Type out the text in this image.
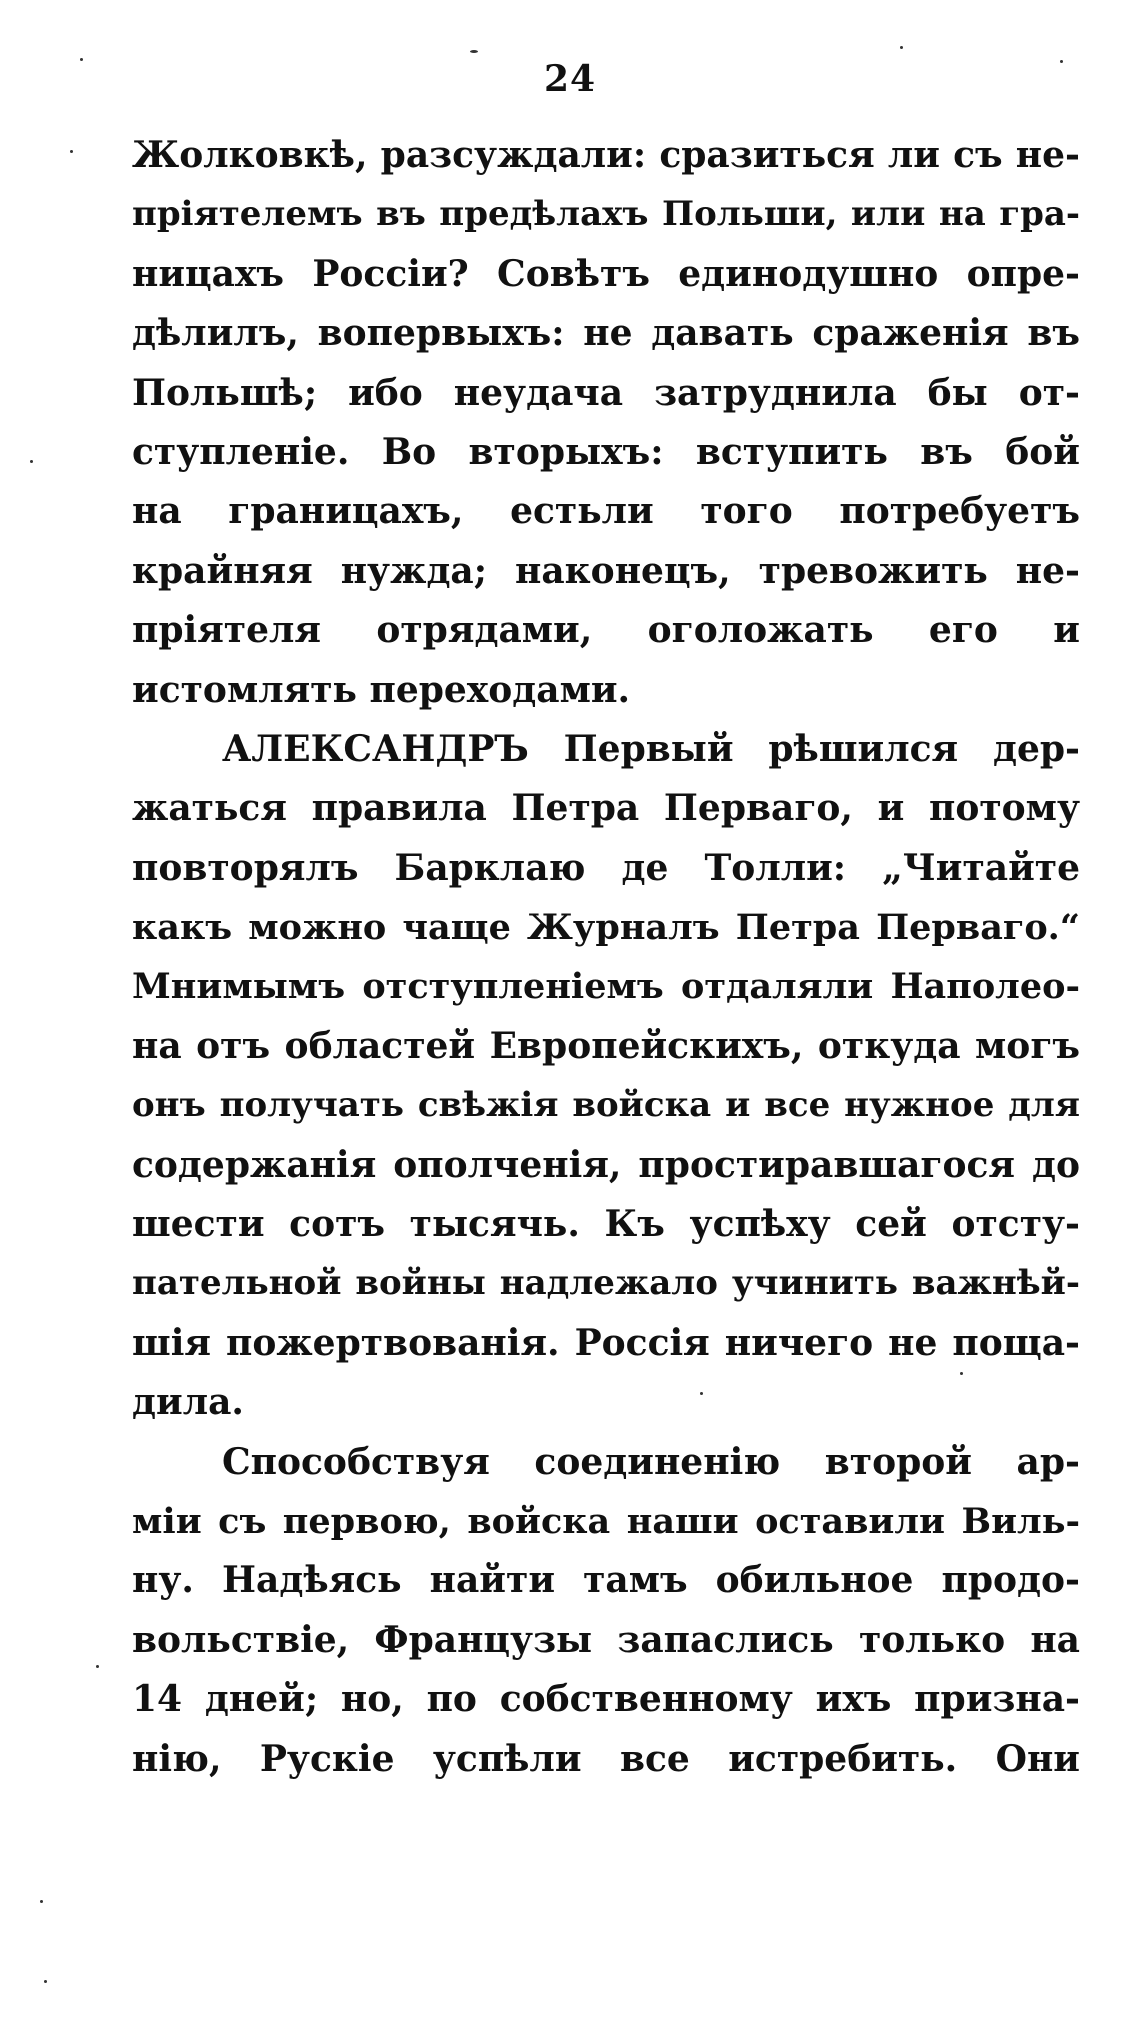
24
Жолковкѣ, разсуждали: сразиться ли съ не-
пріятелемъ въ предѣлахъ Польши, или на гра-
ницахъ Россіи? Совѣтъ единодушно опре-
дѣлилъ, вопервыхъ: не давать сраженія въ
Польшѣ; ибо неудача затруднила бы от-
ступленіе. Во вторыхъ: вступить въ бой
на границахъ, естьли того потребуетъ
крайняя нужда; наконецъ, тревожить не-
пріятеля отрядами, оголожать его и
истомлять переходами.
АЛЕКСАНДРЪ Первый рѣшился дер-
жаться правила Петра Перваго, и потому
повторялъ Барклаю де Толли: „Читайте
какъ можно чаще Журналъ Петра Перваго.“
Мнимымъ отступленіемъ отдаляли Наполео-
на отъ областей Европейскихъ, откуда могъ
онъ получать свѣжія войска и все нужное для
содержанія ополченія, простиравшагося до
шести сотъ тысячь. Къ успѣху сей отсту-
пательной войны надлежало учинить важнѣй-
шія пожертвованія. Россія ничего не поща-
дила.
Способствуя соединенію второй ар-
міи съ первою, войска наши оставили Виль-
ну. Надѣясь найти тамъ обильное продо-
вольствіе, Французы запаслись только на
14 дней; но, по собственному ихъ призна-
нію, Рускіе успѣли все истребить. Они
